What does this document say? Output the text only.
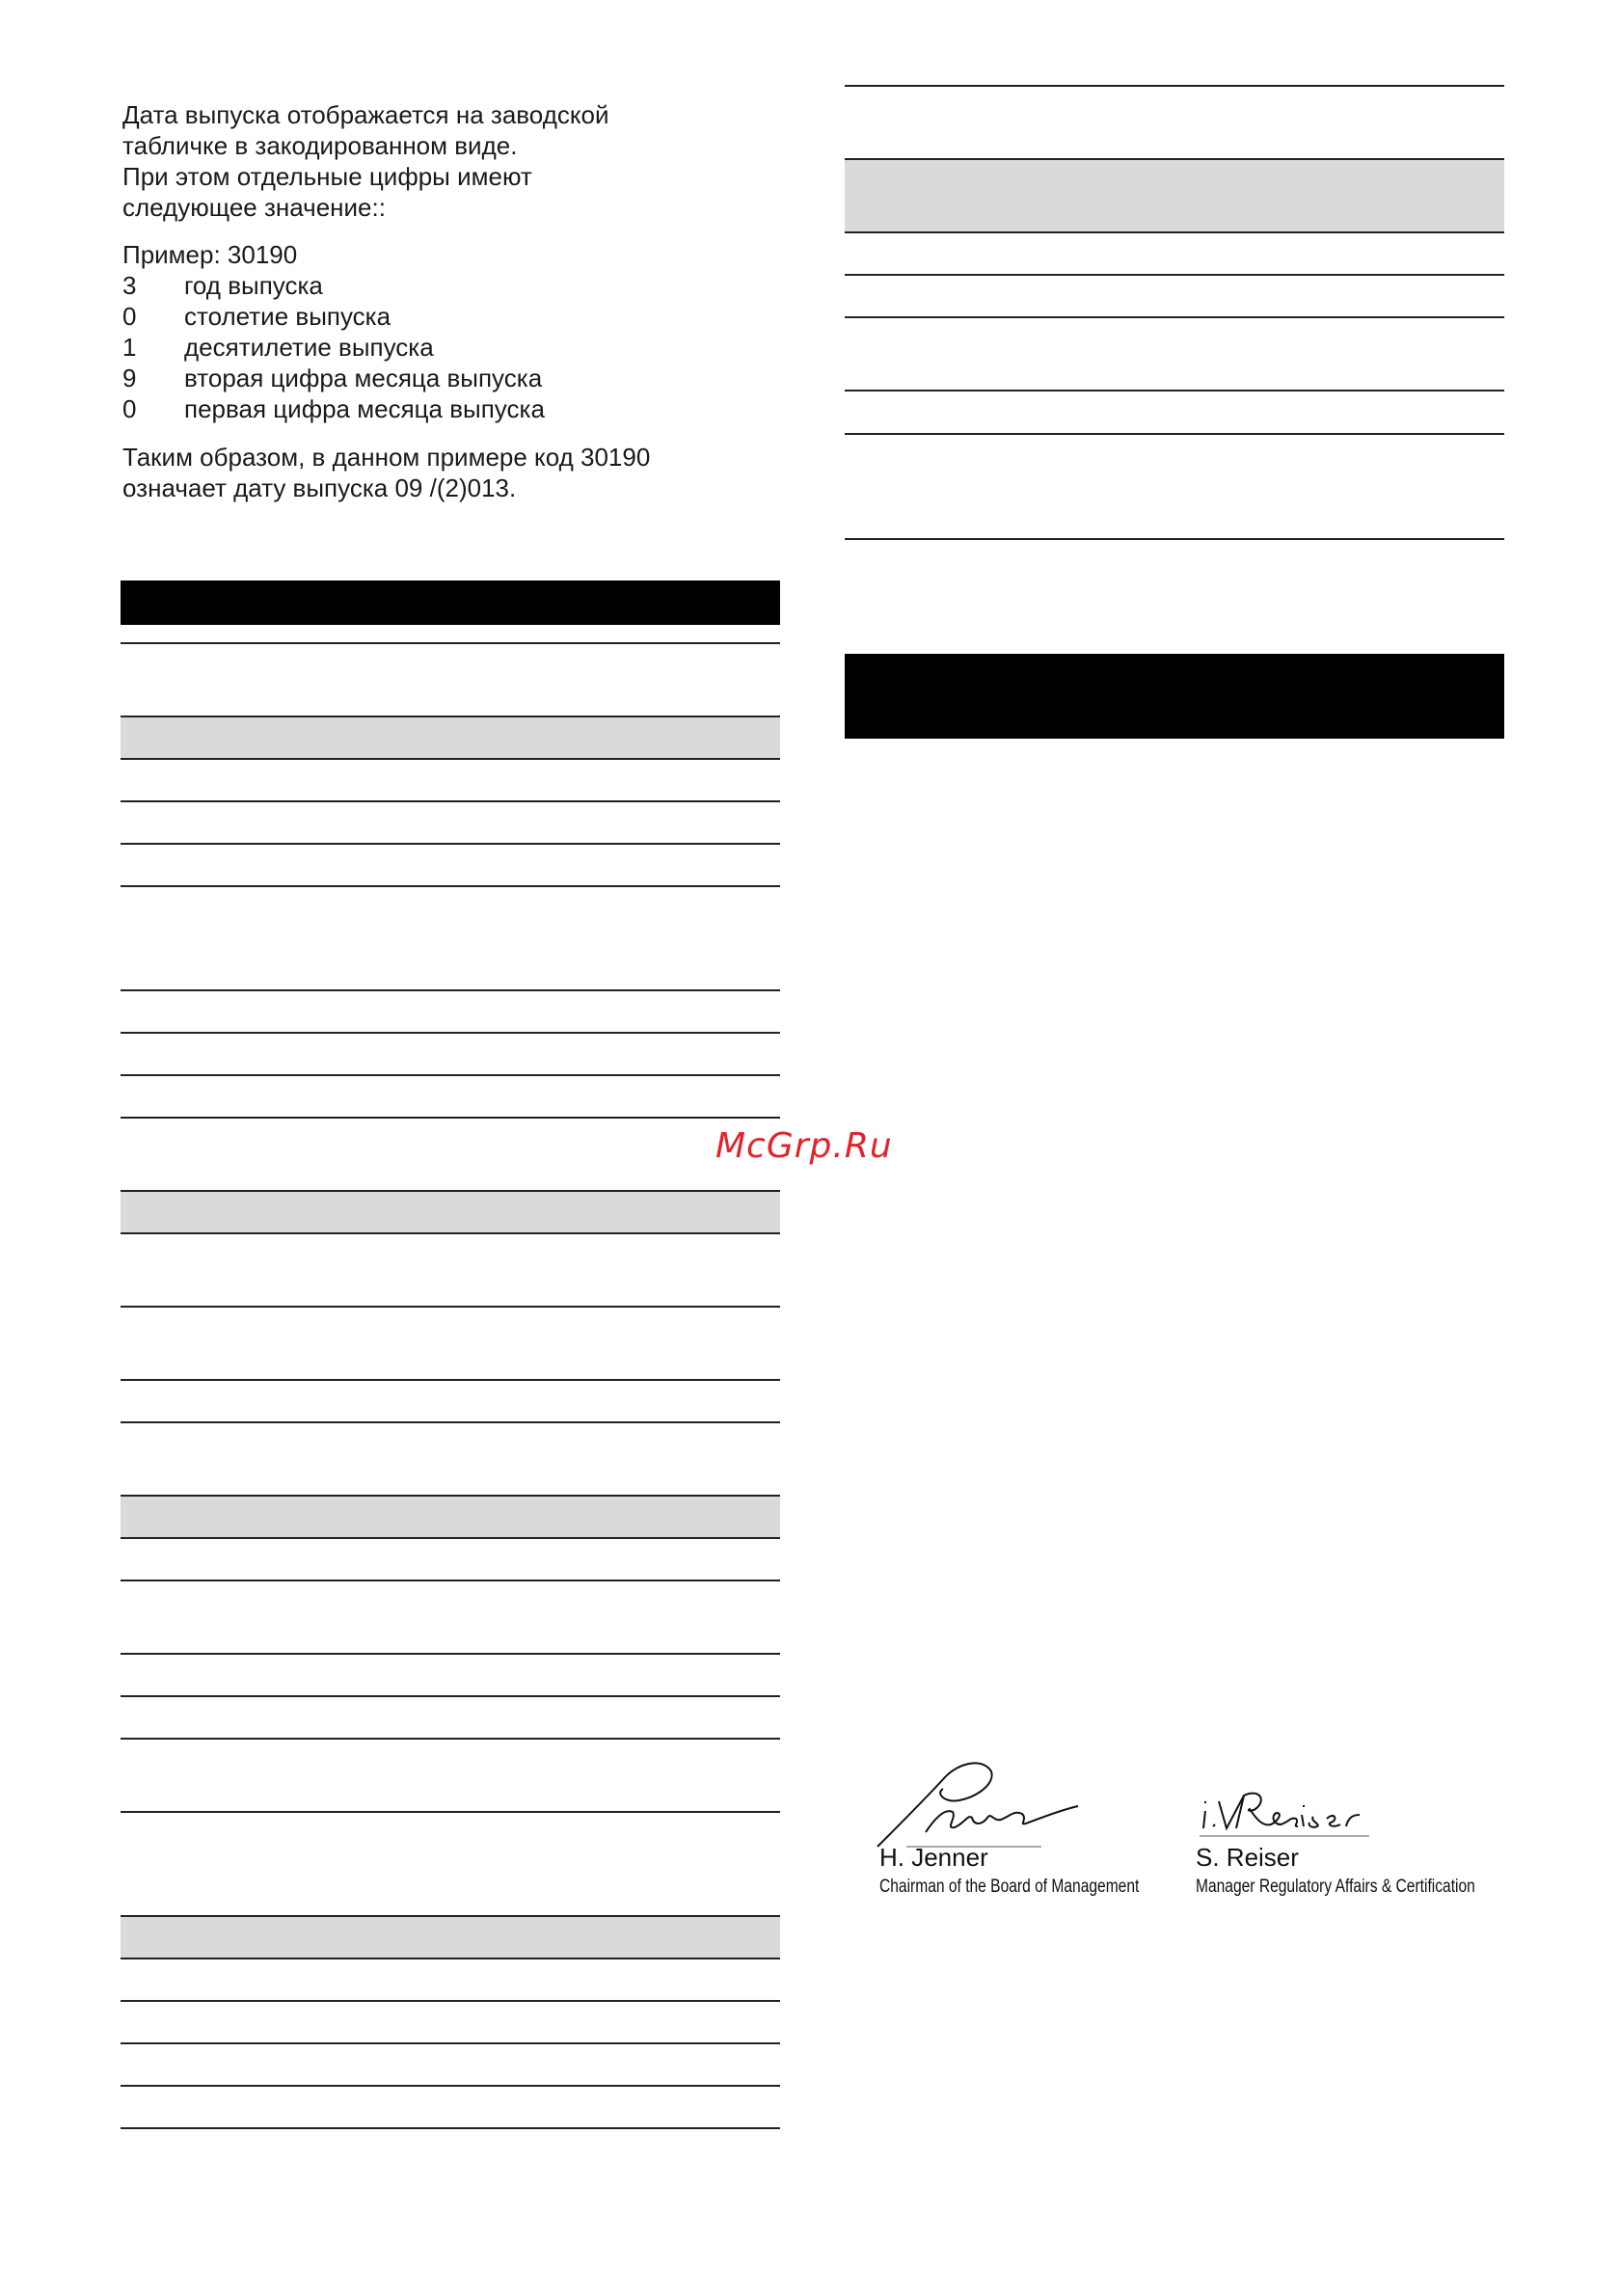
Дата выпуска отображается на заводской

табличке в закодированном виде.

При этом отдельные цифры имеют

следующее значение::

Пример: 30190
3	год выпуска
0	столетие выпуска
1	десятилетие выпуска
9	вторая цифра месяца выпуска
0	первая цифра месяца выпуска

Таким образом, в данном примере код 30190

означает дату выпуска 09 /(2)013.

McGrp.Ru
H. Jenner
Chairman of the Board of Management
S. Reiser
Manager Regulatory Affairs & Certification
